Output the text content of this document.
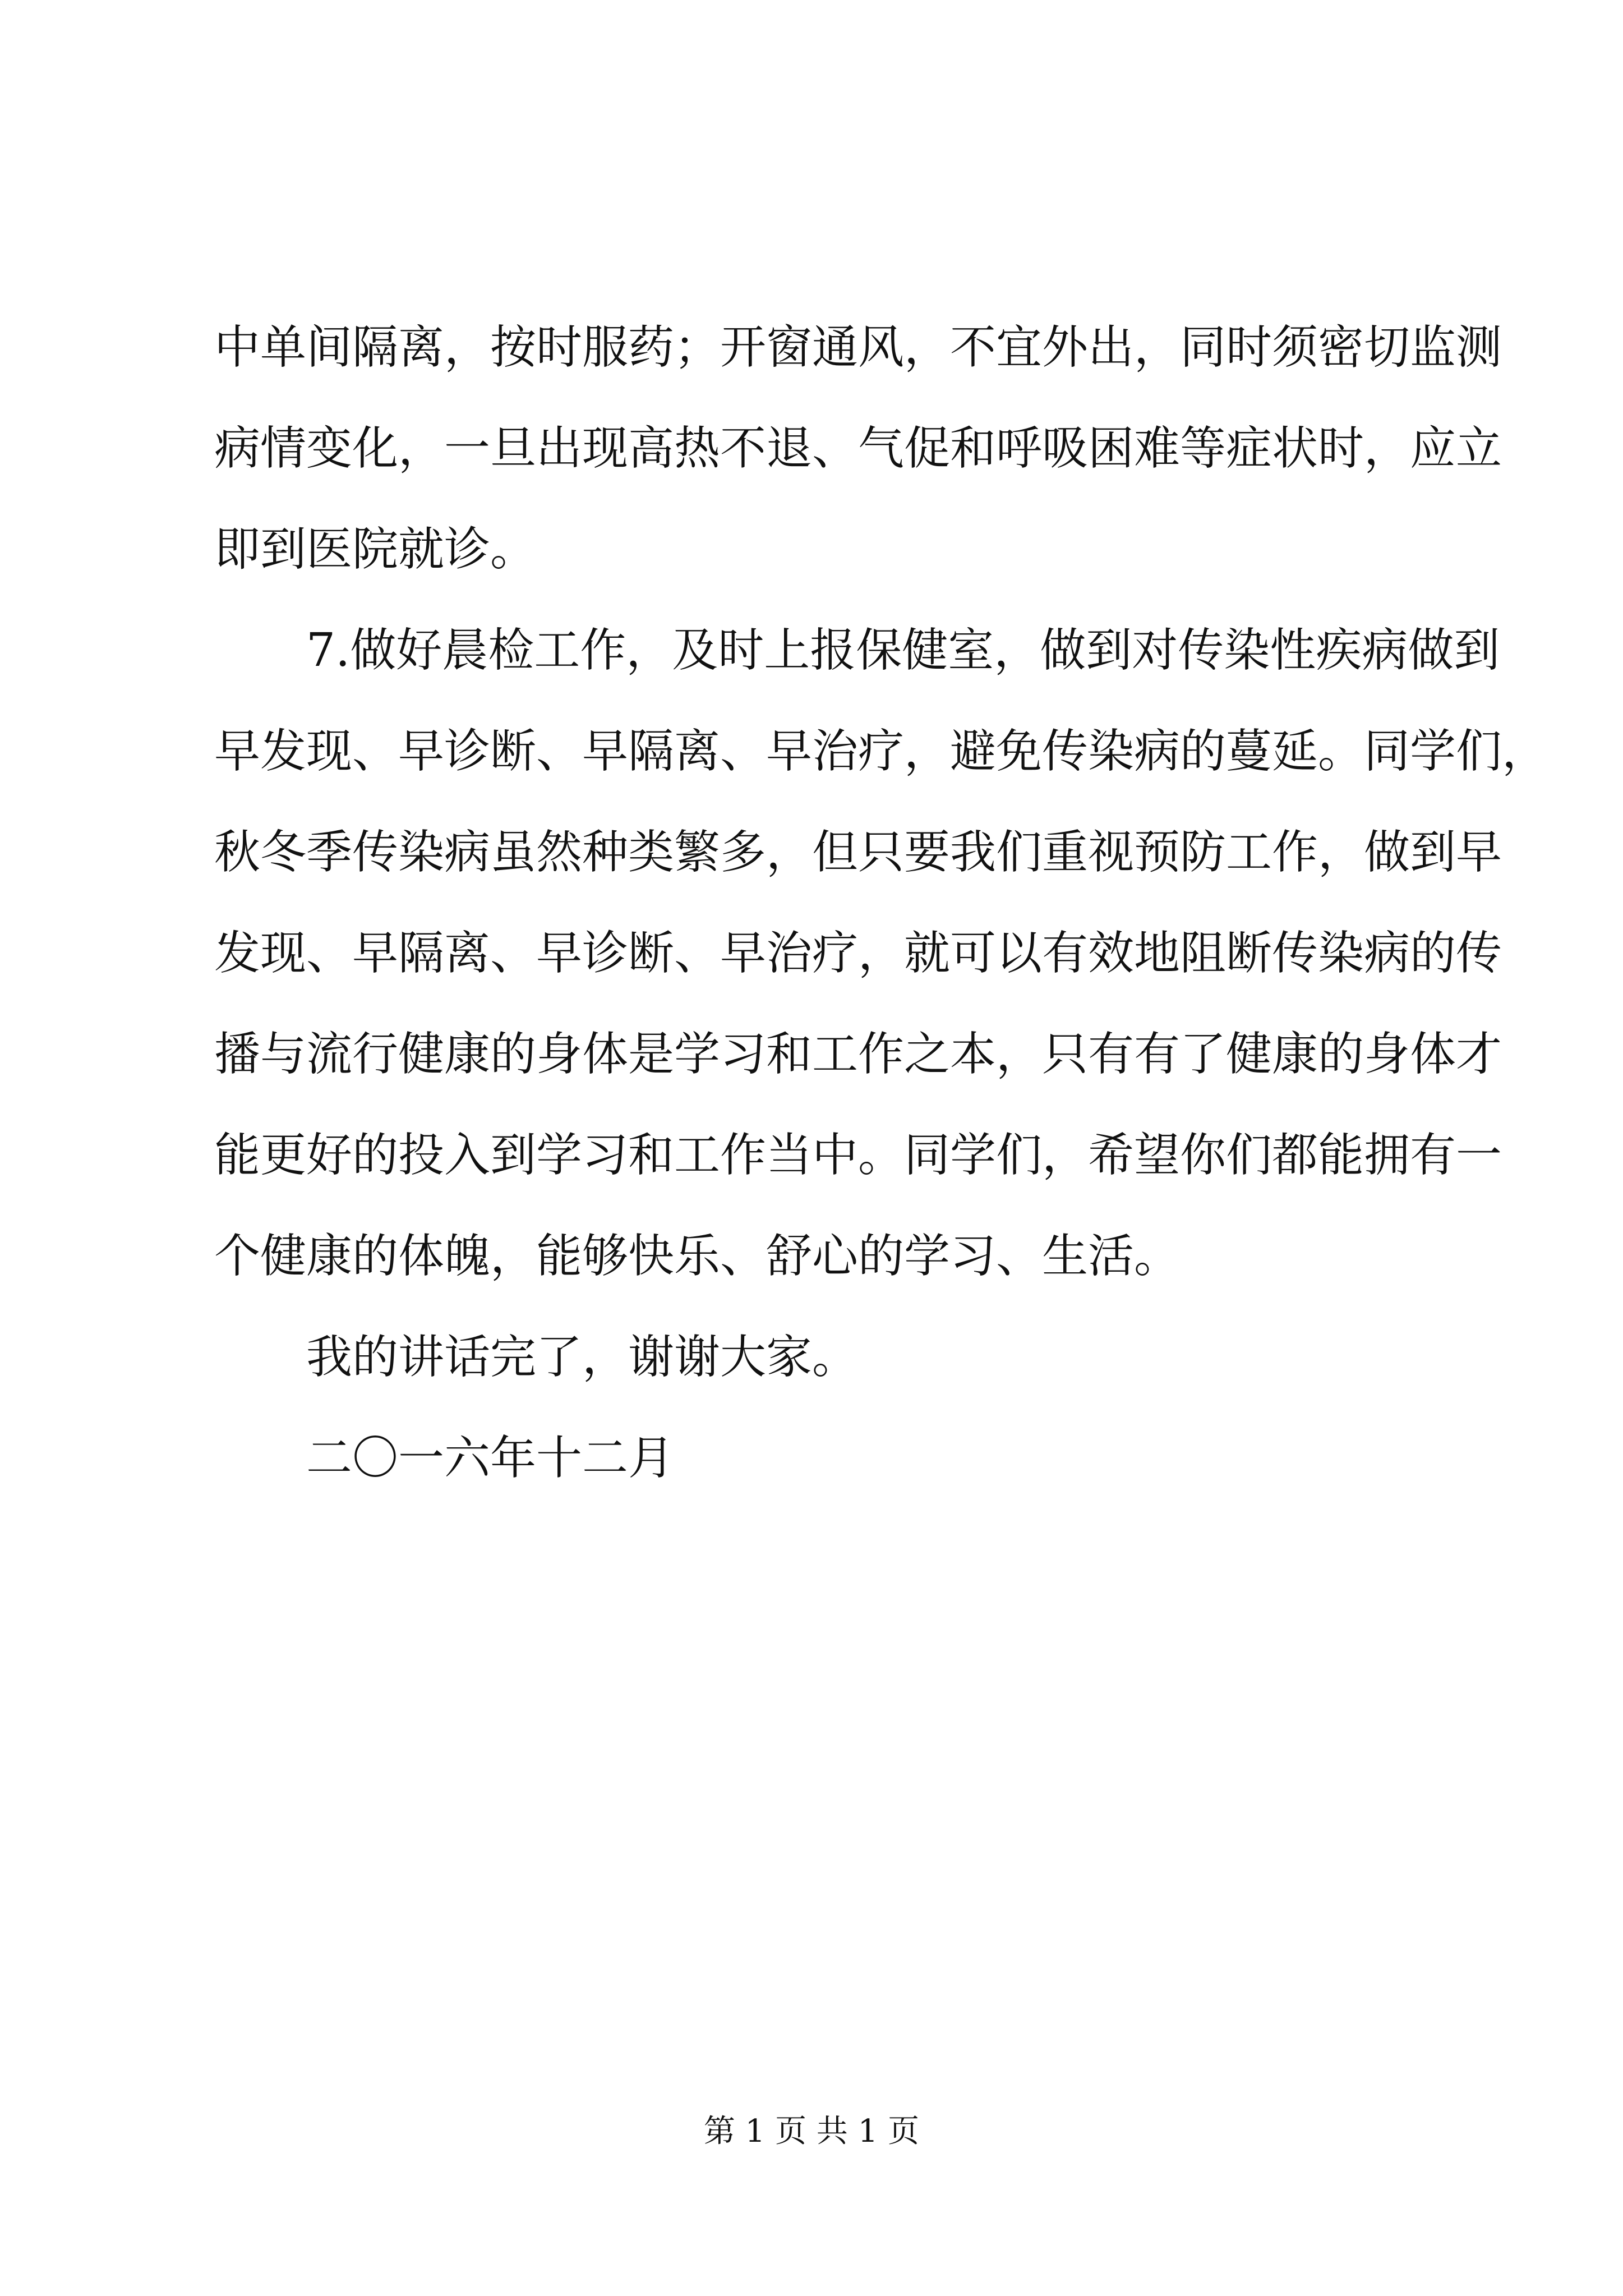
中单间隔离，按时服药；开窗通风，不宜外出，同时须密切监测
病情变化，一旦出现高热不退、气促和呼吸困难等症状时，应立
即到医院就诊。
7.做好晨检工作，及时上报保健室，做到对传染性疾病做到
早发现、早诊断、早隔离、早治疗，避免传染病的蔓延。同学们，
秋冬季传染病虽然种类繁多，但只要我们重视预防工作，做到早
发现、早隔离、早诊断、早治疗，就可以有效地阻断传染病的传
播与流行健康的身体是学习和工作之本，只有有了健康的身体才
能更好的投入到学习和工作当中。同学们，希望你们都能拥有一
个健康的体魄，能够快乐、舒心的学习、生活。
我的讲话完了，谢谢大家。
二〇一六年十二月
第 1 页 共 1 页
